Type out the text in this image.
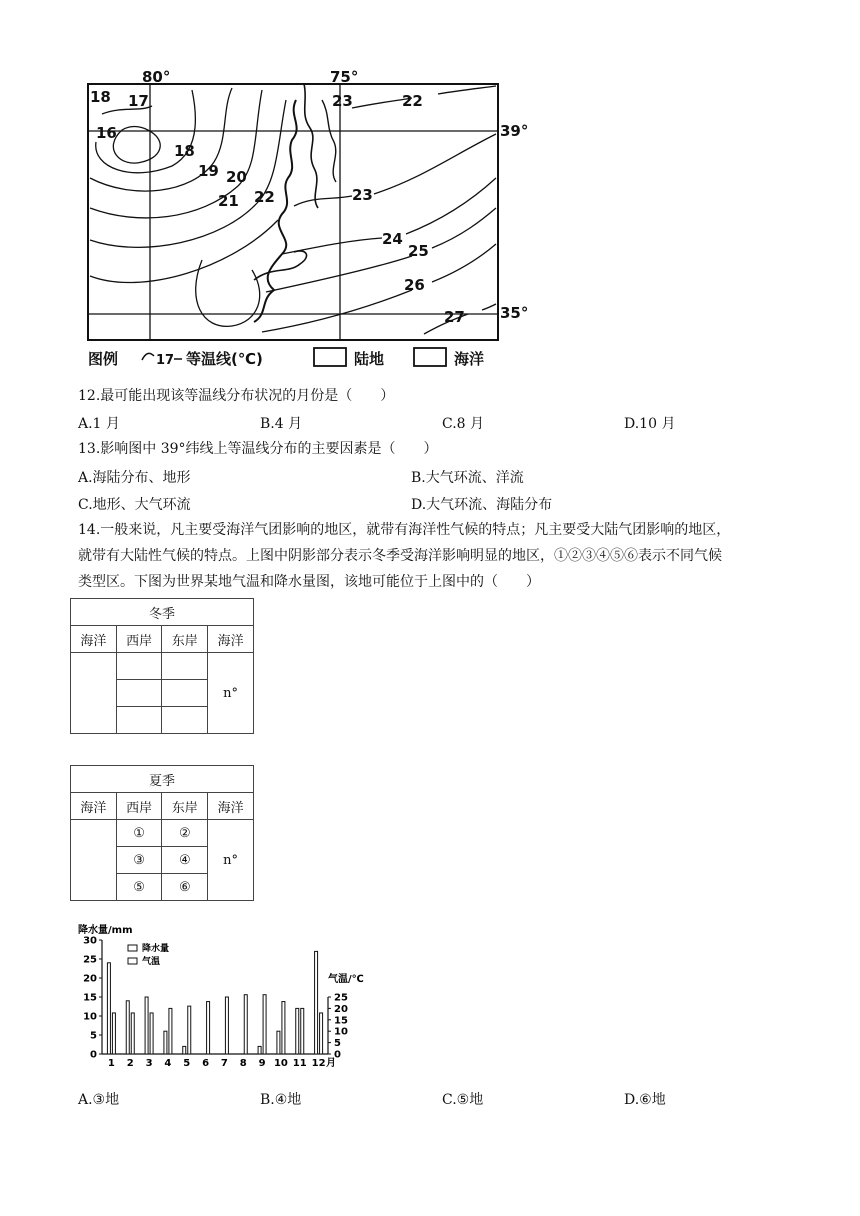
80°	75°
39°
35°
18 17
16
18
19 20
21 22
23	22
23
24
25
26
27
图例	17 等温线(℃)	陆地	海洋
12.最可能出现该等温线分布状况的月份是（　　）
A.1 月	B.4 月	C.8 月	D.10 月
13.影响图中 39°纬线上等温线分布的主要因素是（　　）
A.海陆分布、地形	B.大气环流、洋流
C.地形、大气环流	D.大气环流、海陆分布
14.一般来说，凡主要受海洋气团影响的地区，就带有海洋性气候的特点；凡主要受大陆气团影响的地区，
就带有大陆性气候的特点。上图中阴影部分表示冬季受海洋影响明显的地区，①②③④⑤⑥表示不同气候
类型区。下图为世界某地气温和降水量图，该地可能位于上图中的（　　）
冬季			
海洋	西岸	东岸	海洋
			n°

夏季			
海洋	西岸	东岸	海洋
	①	②	n°
	③	④	
	⑤	⑥	
降水量/mm
气温/℃
降水量
气温
0
5
10
15
20
25
30
0
5
10
15
20
25
1 2 3 4 5 6 7 8 9 10 11 12 月
A.③地	B.④地	C.⑤地	D.⑥地
